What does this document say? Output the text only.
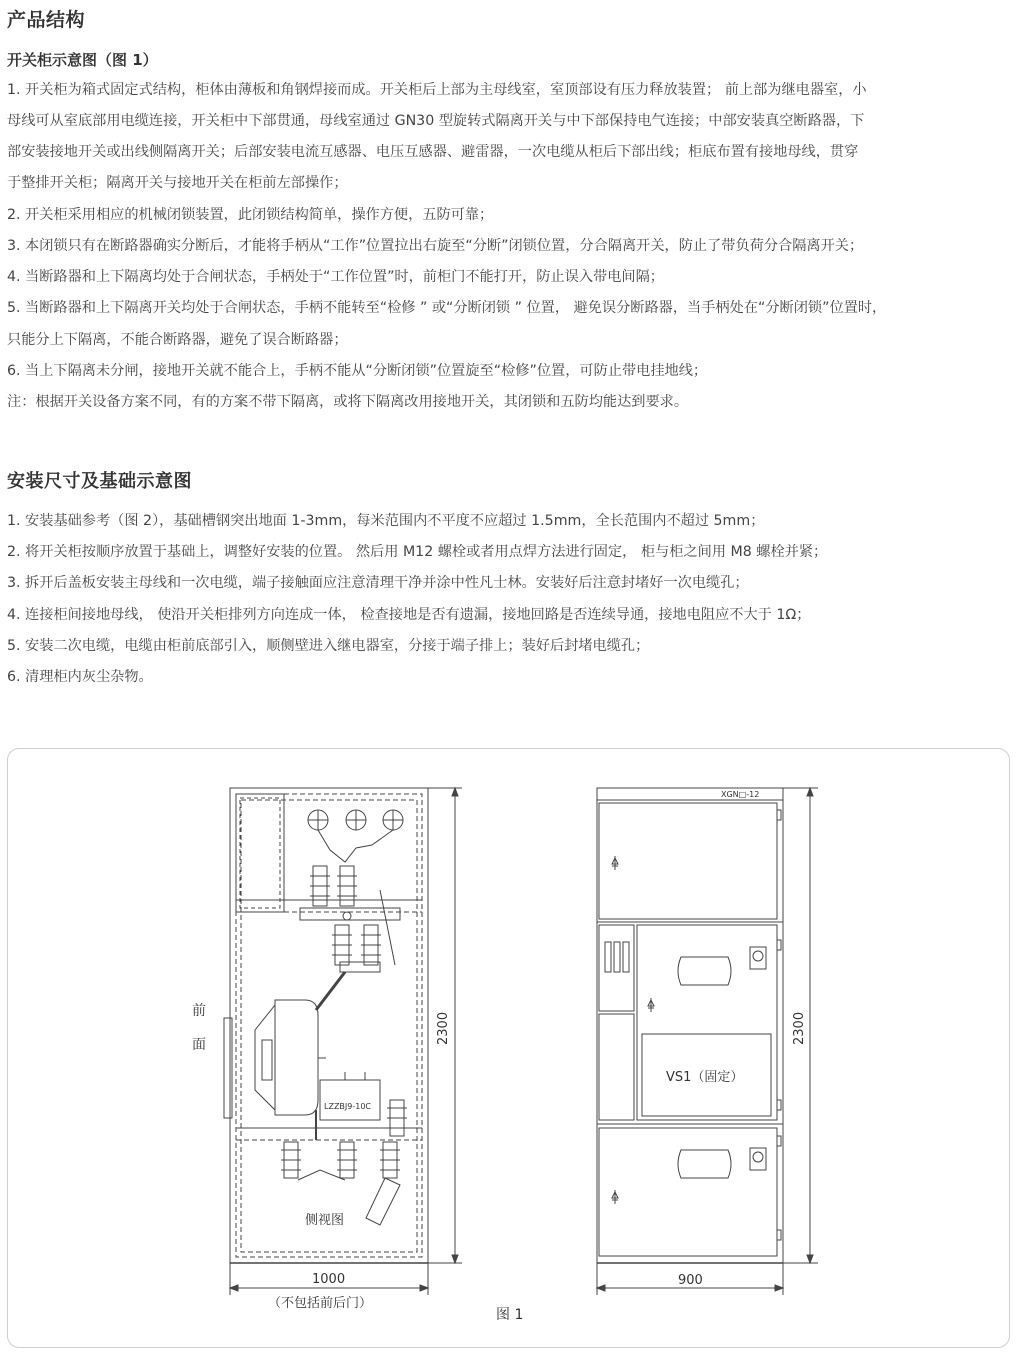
产品结构
开关柜示意图（图 1）
1. 开关柜为箱式固定式结构，柜体由薄板和角钢焊接而成。开关柜后上部为主母线室，室顶部设有压力释放装置； 前上部为继电器室，小
母线可从室底部用电缆连接，开关柜中下部贯通，母线室通过 GN30 型旋转式隔离开关与中下部保持电气连接；中部安装真空断路器，下
部安装接地开关或出线侧隔离开关；后部安装电流互感器、电压互感器、避雷器，一次电缆从柜后下部出线；柜底布置有接地母线，贯穿
于整排开关柜；隔离开关与接地开关在柜前左部操作；
2. 开关柜采用相应的机械闭锁装置，此闭锁结构简单，操作方便，五防可靠；
3. 本闭锁只有在断路器确实分断后，才能将手柄从“工作”位置拉出右旋至“分断”闭锁位置，分合隔离开关，防止了带负荷分合隔离开关；
4. 当断路器和上下隔离均处于合闸状态，手柄处于“工作位置”时，前柜门不能打开，防止误入带电间隔；
5. 当断路器和上下隔离开关均处于合闸状态，手柄不能转至“检修 ” 或“分断闭锁 ” 位置， 避免误分断路器，当手柄处在“分断闭锁”位置时，
只能分上下隔离，不能合断路器，避免了误合断路器；
6. 当上下隔离未分闸，接地开关就不能合上，手柄不能从“分断闭锁”位置旋至“检修”位置，可防止带电挂地线；
注：根据开关设备方案不同，有的方案不带下隔离，或将下隔离改用接地开关，其闭锁和五防均能达到要求。
安装尺寸及基础示意图
1. 安装基础参考（图 2），基础槽钢突出地面 1-3mm，每米范围内不平度不应超过 1.5mm，全长范围内不超过 5mm；
2. 将开关柜按顺序放置于基础上，调整好安装的位置。 然后用 M12 螺栓或者用点焊方法进行固定， 柜与柜之间用 M8 螺栓并紧；
3. 拆开后盖板安装主母线和一次电缆，端子接触面应注意清理干净并涂中性凡士林。安装好后注意封堵好一次电缆孔；
4. 连接柜间接地母线， 使沿开关柜排列方向连成一体， 检查接地是否有遗漏，接地回路是否连续导通，接地电阻应不大于 1Ω；
5. 安装二次电缆，电缆由柜前底部引入，顺侧壁进入继电器室，分接于端子排上；装好后封堵电缆孔；
6. 清理柜内灰尘杂物。
前
面
侧视图
LZZBJ9-10C
2300
1000
（不包括前后门）
XGN□-12
VS1（固定）
2300
900
图 1
